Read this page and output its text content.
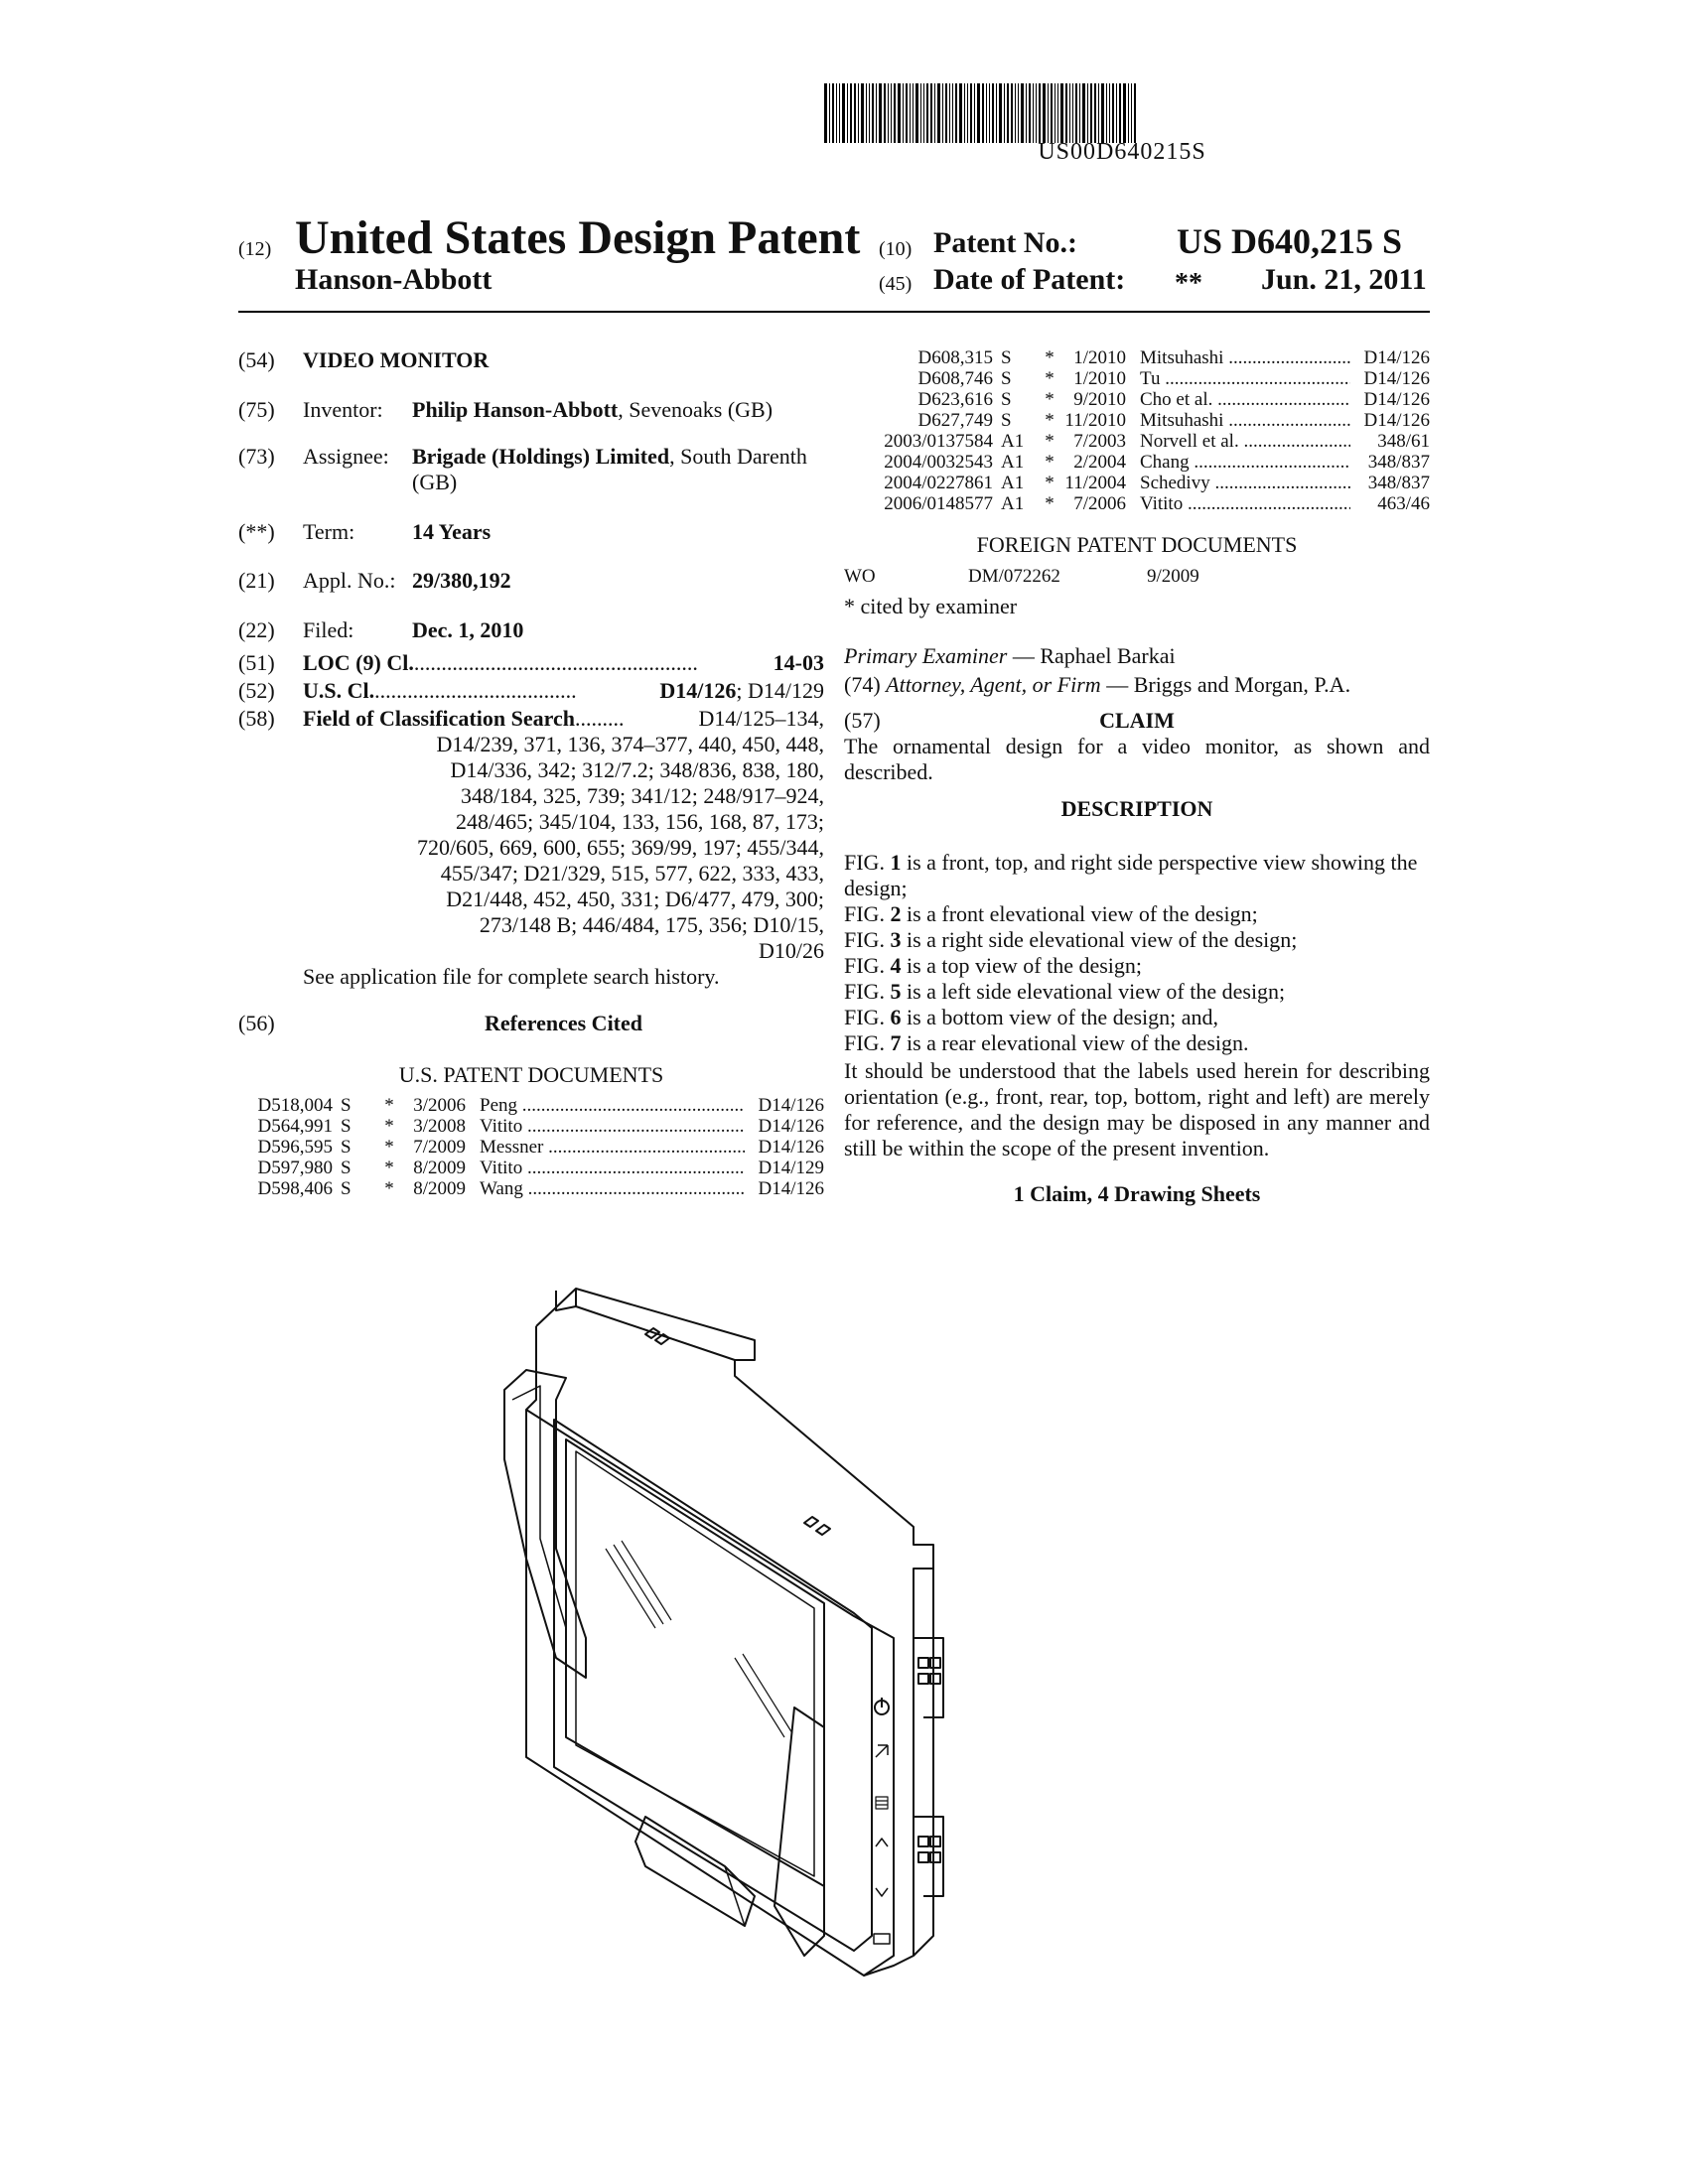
US00D640215S
(12) United States Design Patent
Hanson-Abbott
(10) Patent No.:	US D640,215 S
(45) Date of Patent: ** Jun. 21, 2011
(54) VIDEO MONITOR
(75)	Inventor:	Philip Hanson-Abbott, Sevenoaks (GB)
(73)	Assignee:	Brigade (Holdings) Limited, South Darenth (GB)
(**)	Term:	14 Years
(21)	Appl. No.: 29/380,192
(22)	Filed:	Dec. 1, 2010
(51)	LOC (9) Cl. ....................................................	14-03
(52)	U.S. Cl. .....................................	D14/126 ; D14/129
(58)	Field of Classification Search .........	D14/125–134,
D14/239, 371, 136, 374–377, 440, 450, 448,
D14/336, 342; 312/7.2; 348/836, 838, 180,
348/184, 325, 739; 341/12; 248/917–924,
248/465; 345/104, 133, 156, 168, 87, 173;
720/605, 669, 600, 655; 369/99, 197; 455/344,
455/347; D21/329, 515, 577, 622, 333, 433,
D21/448, 452, 450, 331; D6/477, 479, 300;
273/148 B; 446/484, 175, 356; D10/15,
D10/26
See application file for complete search history.
(56)	References Cited
U.S. PATENT DOCUMENTS
D518,004 S	*	3/2006 Peng .....	D14/126
D564,991 S	*	3/2008 Vitito .....	D14/126
D596,595 S	*	7/2009 Messner .....	D14/126
D597,980 S	*	8/2009 Vitito .....	D14/129
D598,406 S	*	8/2009 Wang .....	D14/126
D608,315 S	*	1/2010 Mitsuhashi .....	D14/126
D608,746 S	*	1/2010 Tu .....	D14/126
D623,616 S	*	9/2010 Cho et al. .....	D14/126
D627,749 S	* 11/2010 Mitsuhashi .....	D14/126
2003/0137584 A1	*	7/2003 Norvell et al. .....	348/61
2004/0032543 A1	*	2/2004 Chang .....	348/837
2004/0227861 A1	* 11/2004 Schedivy .....	348/837
2006/0148577 A1	*	7/2006 Vitito .....	463/46
FOREIGN PATENT DOCUMENTS
WO	DM/072262	9/2009
* cited by examiner
Primary Examiner — Raphael Barkai
(74) Attorney, Agent, or Firm — Briggs and Morgan, P.A.
(57)	CLAIM
The ornamental design for a video monitor, as shown and described.
DESCRIPTION
FIG. 1 is a front, top, and right side perspective view showing the design;
FIG. 2 is a front elevational view of the design;
FIG. 3 is a right side elevational view of the design;
FIG. 4 is a top view of the design;
FIG. 5 is a left side elevational view of the design;
FIG. 6 is a bottom view of the design; and,
FIG. 7 is a rear elevational view of the design.
It should be understood that the labels used herein for describing orientation (e.g., front, rear, top, bottom, right and left) are merely for reference, and the design may be disposed in any manner and still be within the scope of the present invention.
1 Claim, 4 Drawing Sheets
